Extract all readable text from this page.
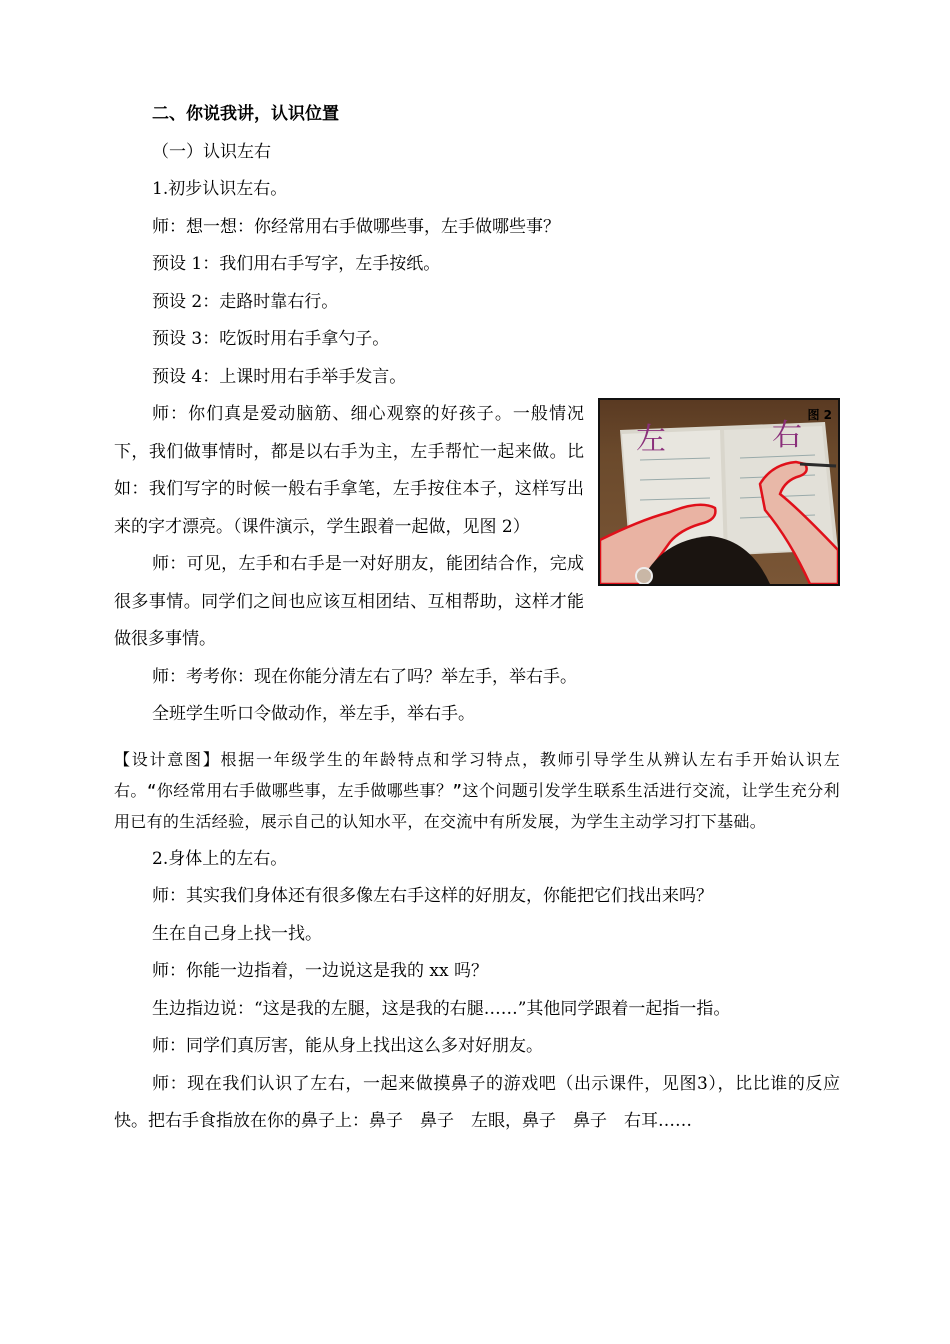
二、你说我讲，认识位置
（一）认识左右
1.初步认识左右。
师：想一想：你经常用右手做哪些事，左手做哪些事？
预设 1：我们用右手写字，左手按纸。
预设 2：走路时靠右行。
预设 3：吃饭时用右手拿勺子。
预设 4：上课时用右手举手发言。
左	右
图 2
师：你们真是爱动脑筋、细心观察的好孩子。一般情况下，我们做事情时，都是以右手为主，左手帮忙一起来做。比如：我们写字的时候一般右手拿笔，左手按住本子，这样写出来的字才漂亮。（课件演示，学生跟着一起做，见图 2）
师：可见，左手和右手是一对好朋友，能团结合作，完成很多事情。同学们之间也应该互相团结、互相帮助，这样才能做很多事情。
师：考考你：现在你能分清左右了吗？举左手，举右手。
全班学生听口令做动作，举左手，举右手。
【设计意图】根据一年级学生的年龄特点和学习特点，教师引导学生从辨认左右手开始认识左右。“你经常用右手做哪些事，左手做哪些事？”这个问题引发学生联系生活进行交流，让学生充分利用已有的生活经验，展示自己的认知水平，在交流中有所发展，为学生主动学习打下基础。
2.身体上的左右。
师：其实我们身体还有很多像左右手这样的好朋友，你能把它们找出来吗？
生在自己身上找一找。
师：你能一边指着，一边说这是我的 xx 吗？
生边指边说：“这是我的左腿，这是我的右腿……”其他同学跟着一起指一指。
师：同学们真厉害，能从身上找出这么多对好朋友。
师：现在我们认识了左右，一起来做摸鼻子的游戏吧（出示课件，见图3），比比谁的反应快。把右手食指放在你的鼻子上：鼻子　鼻子　左眼，鼻子　鼻子　右耳……
